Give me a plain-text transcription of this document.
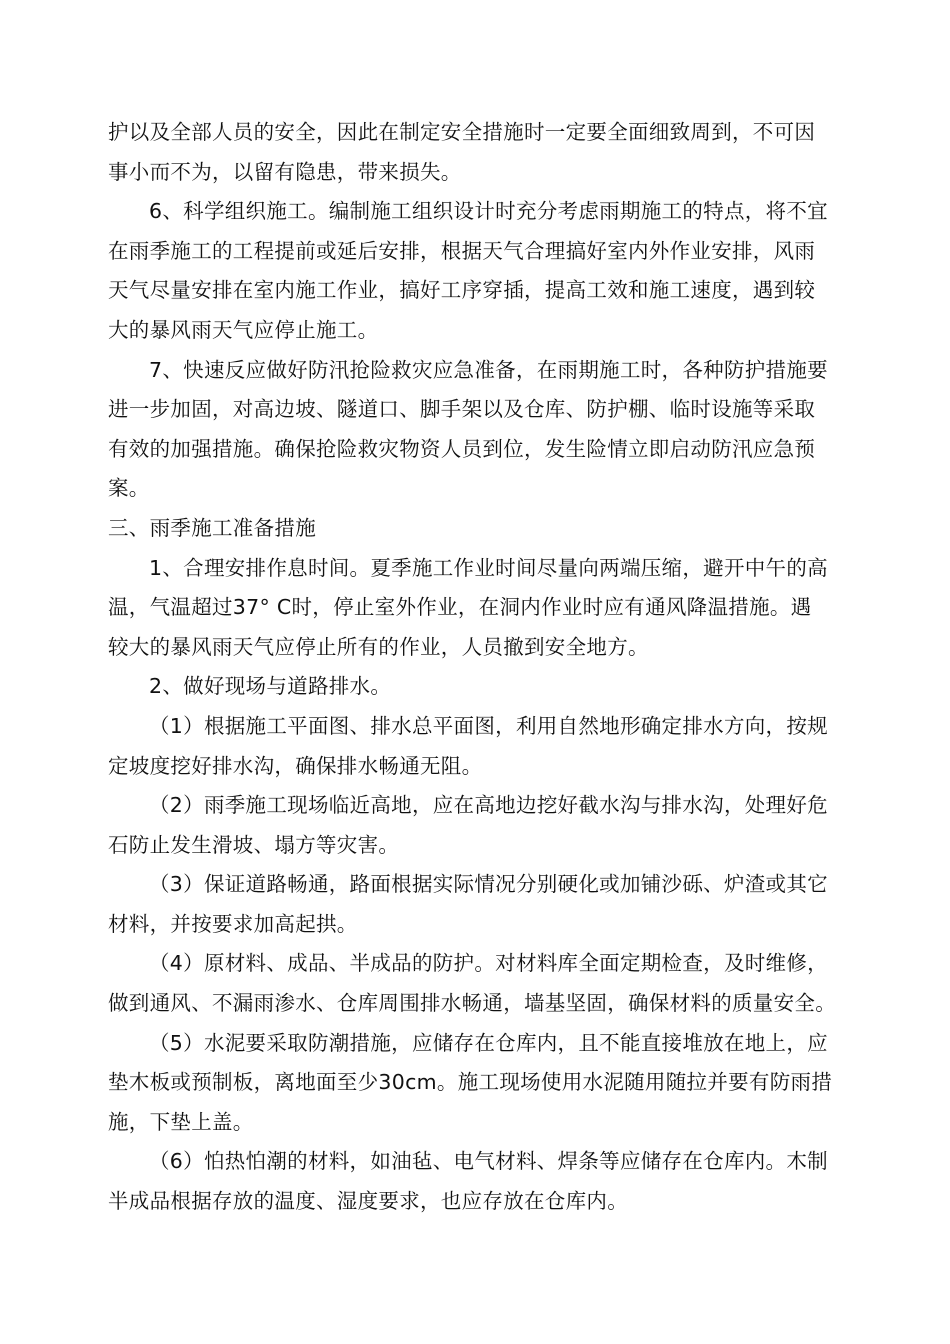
护以及全部人员的安全，因此在制定安全措施时一定要全面细致周到，不可因
事小而不为，以留有隐患，带来损失。
6、科学组织施工。编制施工组织设计时充分考虑雨期施工的特点，将不宜
在雨季施工的工程提前或延后安排，根据天气合理搞好室内外作业安排，风雨
天气尽量安排在室内施工作业，搞好工序穿插，提高工效和施工速度，遇到较
大的暴风雨天气应停止施工。
7、快速反应做好防汛抢险救灾应急准备，在雨期施工时，各种防护措施要
进一步加固，对高边坡、隧道口、脚手架以及仓库、防护棚、临时设施等采取
有效的加强措施。确保抢险救灾物资人员到位，发生险情立即启动防汛应急预
案。
三、雨季施工准备措施
1、合理安排作息时间。夏季施工作业时间尽量向两端压缩，避开中午的高
温，气温超过37° C时，停止室外作业，在洞内作业时应有通风降温措施。遇
较大的暴风雨天气应停止所有的作业，人员撤到安全地方。
2、做好现场与道路排水。
（1）根据施工平面图、排水总平面图，利用自然地形确定排水方向，按规
定坡度挖好排水沟，确保排水畅通无阻。
（2）雨季施工现场临近高地，应在高地边挖好截水沟与排水沟，处理好危
石防止发生滑坡、塌方等灾害。
（3）保证道路畅通，路面根据实际情况分别硬化或加铺沙砾、炉渣或其它
材料，并按要求加高起拱。
（4）原材料、成品、半成品的防护。对材料库全面定期检查，及时维修，
做到通风、不漏雨渗水、仓库周围排水畅通，墙基坚固，确保材料的质量安全。
（5）水泥要采取防潮措施，应储存在仓库内，且不能直接堆放在地上，应
垫木板或预制板，离地面至少30cm。施工现场使用水泥随用随拉并要有防雨措
施，下垫上盖。
（6）怕热怕潮的材料，如油毡、电气材料、焊条等应储存在仓库内。木制
半成品根据存放的温度、湿度要求，也应存放在仓库内。
